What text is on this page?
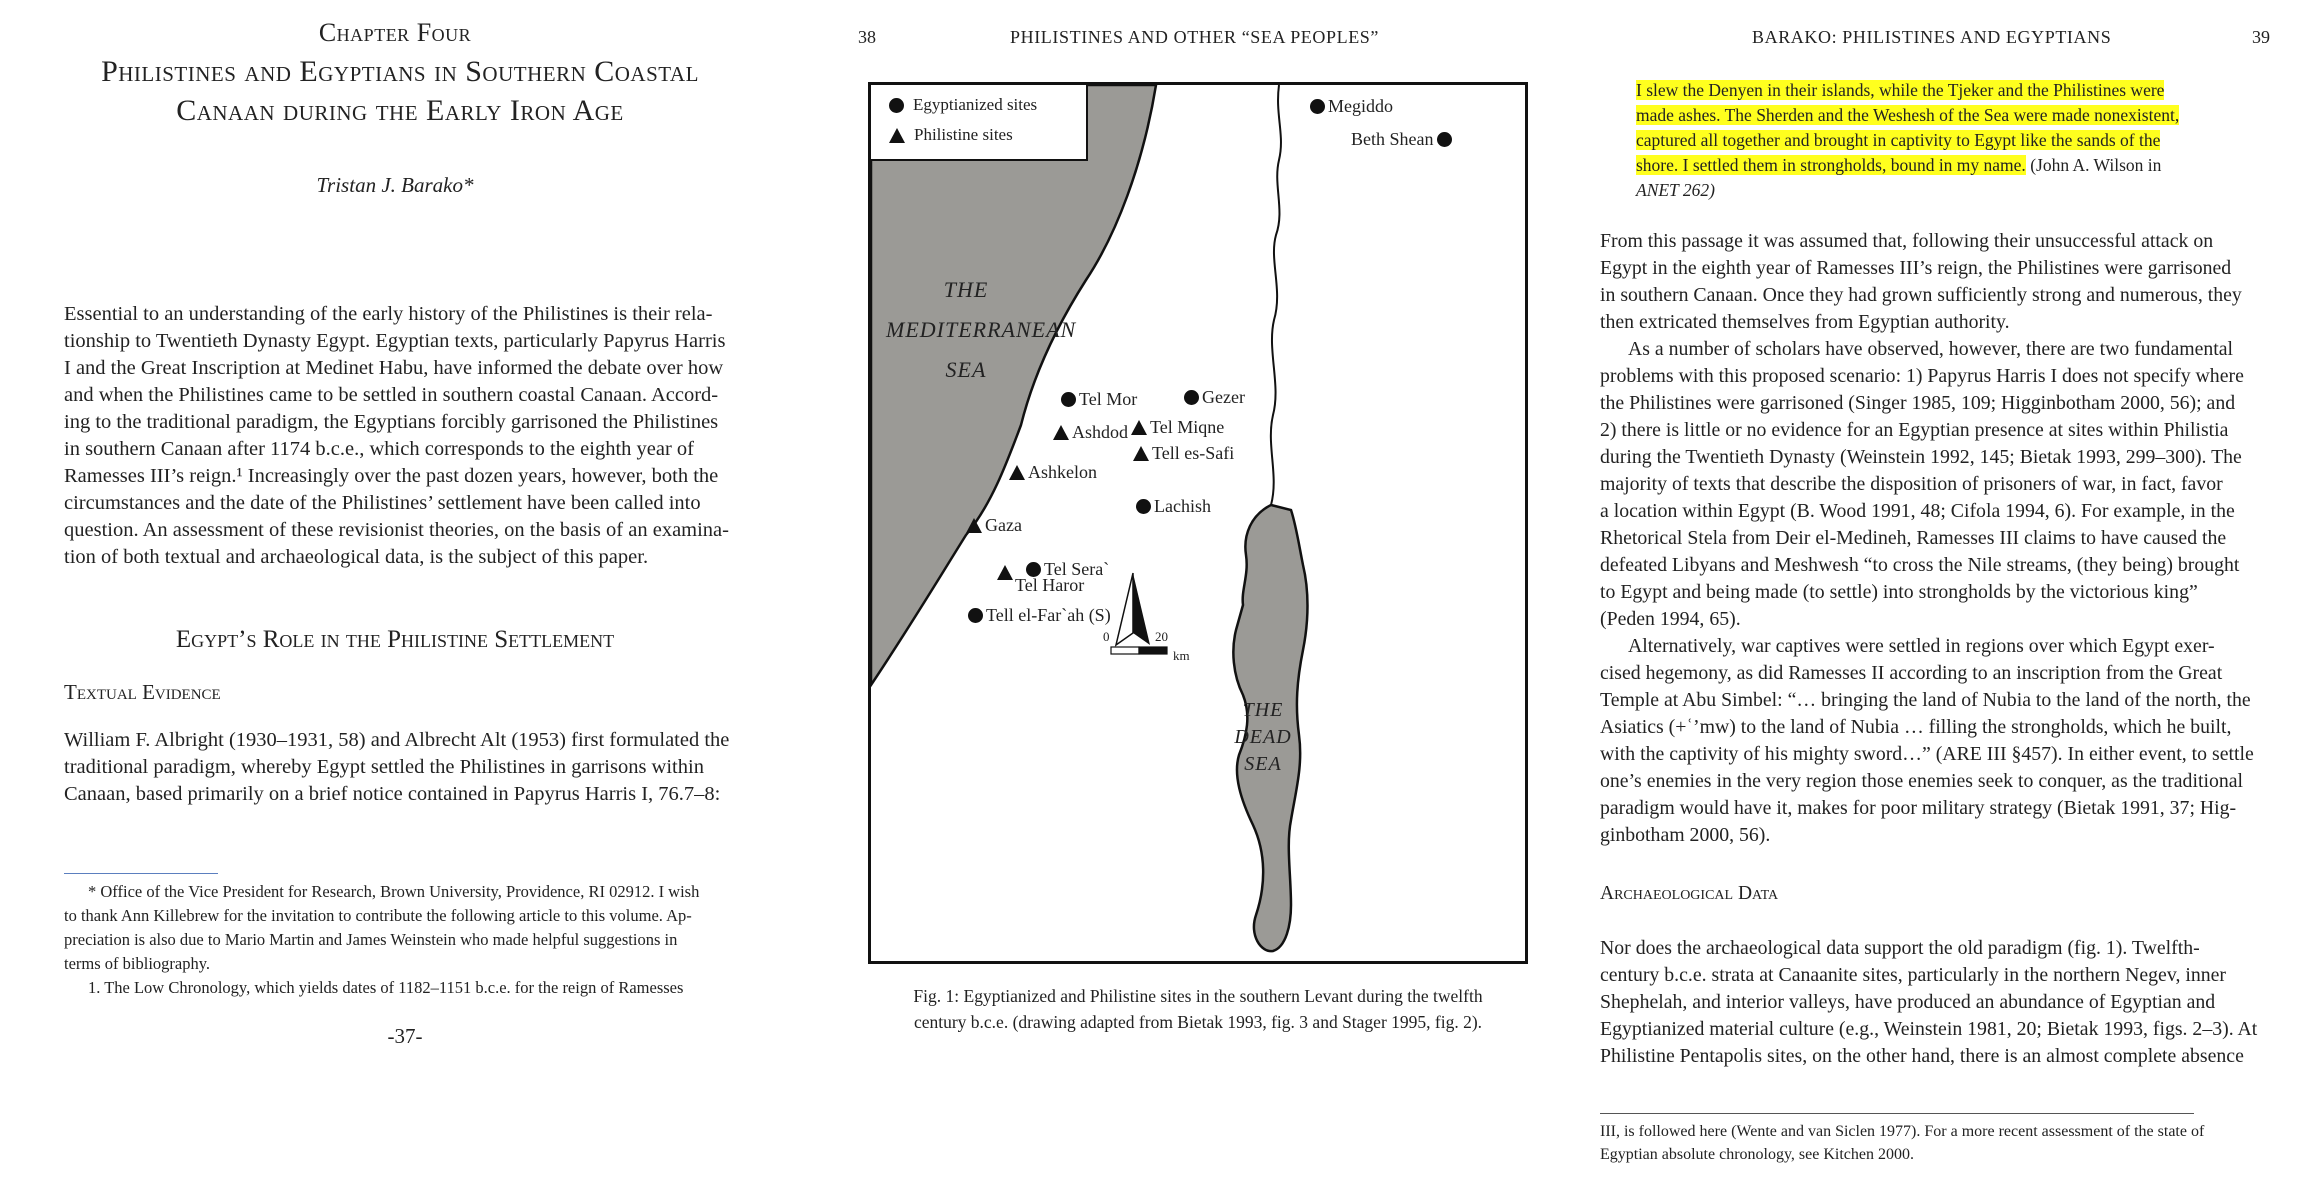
Chapter Four
Philistines and Egyptians in Southern Coastal
Canaan during the Early Iron Age
Tristan J. Barako*
Essential to an understanding of the early history of the Philistines is their rela-
tionship to Twentieth Dynasty Egypt. Egyptian texts, particularly Papyrus Harris
I and the Great Inscription at Medinet Habu, have informed the debate over how
and when the Philistines came to be settled in southern coastal Canaan. Accord-
ing to the traditional paradigm, the Egyptians forcibly garrisoned the Philistines
in southern Canaan after 1174 b.c.e., which corresponds to the eighth year of
Ramesses III’s reign.¹ Increasingly over the past dozen years, however, both the
circumstances and the date of the Philistines’ settlement have been called into
question. An assessment of these revisionist theories, on the basis of an examina-
tion of both textual and archaeological data, is the subject of this paper.
Egypt’s Role in the Philistine Settlement
Textual Evidence
William F. Albright (1930–1931, 58) and Albrecht Alt (1953) first formulated the
traditional paradigm, whereby Egypt settled the Philistines in garrisons within
Canaan, based primarily on a brief notice contained in Papyrus Harris I, 76.7–8:
* Office of the Vice President for Research, Brown University, Providence, RI 02912. I wish
to thank Ann Killebrew for the invitation to contribute the following article to this volume. Ap-
preciation is also due to Mario Martin and James Weinstein who made helpful suggestions in
terms of bibliography.
1. The Low Chronology, which yields dates of 1182–1151 b.c.e. for the reign of Ramesses
-37-
38	PHILISTINES AND OTHER “SEA PEOPLES”
Egyptianized sites
Philistine sites
THE
MEDITERRANEAN
SEA
THE
DEAD
SEA
Megiddo
Beth Shean
Tel Mor	Gezer
Ashdod Tel Miqne
Tell es-Safi
Ashkelon
Lachish
Gaza
Tel Sera`
Tel Haror
Tell el-Far`ah (S)
0	20
km
Fig. 1: Egyptianized and Philistine sites in the southern Levant during the twelfth
century b.c.e. (drawing adapted from Bietak 1993, fig. 3 and Stager 1995, fig. 2).
BARAKO: PHILISTINES AND EGYPTIANS	39
I slew the Denyen in their islands, while the Tjeker and the Philistines were
made ashes. The Sherden and the Weshesh of the Sea were made nonexistent,
captured all together and brought in captivity to Egypt like the sands of the
shore. I settled them in strongholds, bound in my name. (John A. Wilson in
ANET 262)
From this passage it was assumed that, following their unsuccessful attack on
Egypt in the eighth year of Ramesses III’s reign, the Philistines were garrisoned
in southern Canaan. Once they had grown sufficiently strong and numerous, they
then extricated themselves from Egyptian authority.
As a number of scholars have observed, however, there are two fundamental
problems with this proposed scenario: 1) Papyrus Harris I does not specify where
the Philistines were garrisoned (Singer 1985, 109; Higginbotham 2000, 56); and
2) there is little or no evidence for an Egyptian presence at sites within Philistia
during the Twentieth Dynasty (Weinstein 1992, 145; Bietak 1993, 299–300). The
majority of texts that describe the disposition of prisoners of war, in fact, favor
a location within Egypt (B. Wood 1991, 48; Cifola 1994, 6). For example, in the
Rhetorical Stela from Deir el-Medineh, Ramesses III claims to have caused the
defeated Libyans and Meshwesh “to cross the Nile streams, (they being) brought
to Egypt and being made (to settle) into strongholds by the victorious king”
(Peden 1994, 65).
Alternatively, war captives were settled in regions over which Egypt exer-
cised hegemony, as did Ramesses II according to an inscription from the Great
Temple at Abu Simbel: “… bringing the land of Nubia to the land of the north, the
Asiatics (+ʿ’mw) to the land of Nubia … filling the strongholds, which he built,
with the captivity of his mighty sword…” (ARE III §457). In either event, to settle
one’s enemies in the very region those enemies seek to conquer, as the traditional
paradigm would have it, makes for poor military strategy (Bietak 1991, 37; Hig-
ginbotham 2000, 56).
Archaeological Data
Nor does the archaeological data support the old paradigm (fig. 1). Twelfth-
century b.c.e. strata at Canaanite sites, particularly in the northern Negev, inner
Shephelah, and interior valleys, have produced an abundance of Egyptian and
Egyptianized material culture (e.g., Weinstein 1981, 20; Bietak 1993, figs. 2–3). At
Philistine Pentapolis sites, on the other hand, there is an almost complete absence
III, is followed here (Wente and van Siclen 1977). For a more recent assessment of the state of
Egyptian absolute chronology, see Kitchen 2000.
